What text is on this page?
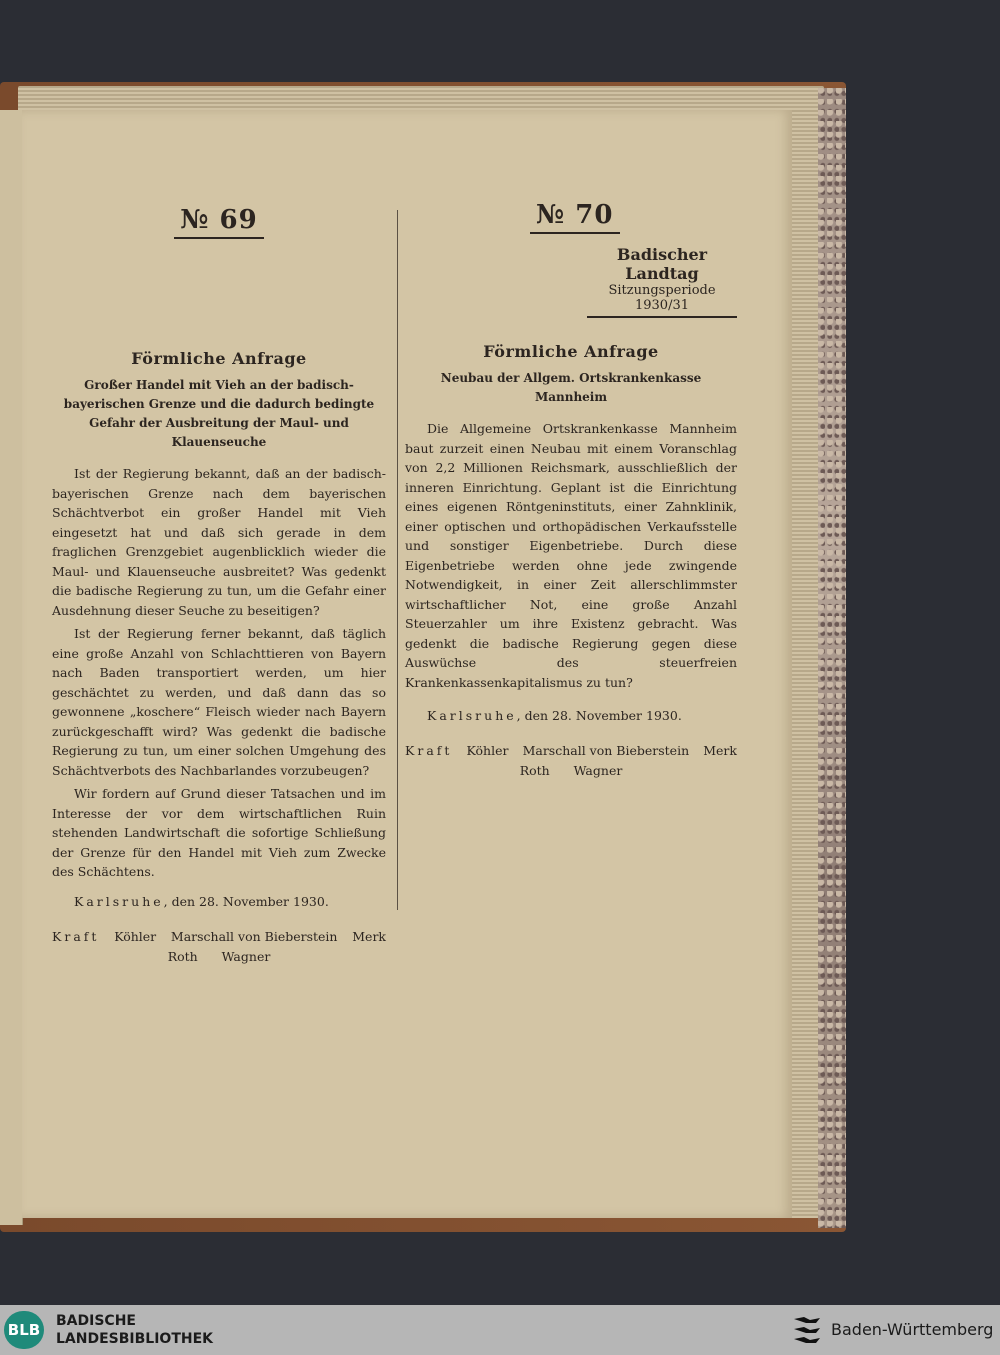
№ 69
Förmliche Anfrage
Großer Handel mit Vieh an der badisch-bayerischen Grenze und die dadurch bedingte Gefahr der Ausbreitung der Maul- und Klauenseuche

Ist der Regierung bekannt, daß an der badisch-bayerischen Grenze nach dem bayerischen Schächtverbot ein großer Handel mit Vieh eingesetzt hat und daß sich gerade in dem fraglichen Grenzgebiet augenblicklich wieder die Maul- und Klauenseuche ausbreitet? Was gedenkt die badische Regierung zu tun, um die Gefahr einer Ausdehnung dieser Seuche zu beseitigen?

Ist der Regierung ferner bekannt, daß täglich eine große Anzahl von Schlachttieren von Bayern nach Baden transportiert werden, um hier geschächtet zu werden, und daß dann das so gewonnene „koschere“ Fleisch wieder nach Bayern zurückgeschafft wird? Was gedenkt die badische Regierung zu tun, um einer solchen Umgehung des Schächtverbots des Nachbarlandes vorzubeugen?

Wir fordern auf Grund dieser Tatsachen und im Interesse der vor dem wirtschaftlichen Ruin stehenden Landwirtschaft die sofortige Schließung der Grenze für den Handel mit Vieh zum Zwecke des Schächtens.

Karlsruhe, den 28. November 1930.
Kraft Köhler Marschall von Bieberstein Merk
Roth Wagner
№ 70
Badischer Landtag
Sitzungsperiode
1930/31
Förmliche Anfrage
Neubau der Allgem. Ortskrankenkasse Mannheim

Die Allgemeine Ortskrankenkasse Mannheim baut zurzeit einen Neubau mit einem Voranschlag von 2,2 Millionen Reichsmark, ausschließlich der inneren Einrichtung. Geplant ist die Einrichtung eines eigenen Röntgeninstituts, einer Zahnklinik, einer optischen und orthopädischen Verkaufsstelle und sonstiger Eigenbetriebe. Durch diese Eigenbetriebe werden ohne jede zwingende Notwendigkeit, in einer Zeit allerschlimmster wirtschaftlicher Not, eine große Anzahl Steuerzahler um ihre Existenz gebracht. Was gedenkt die badische Regierung gegen diese Auswüchse des steuerfreien Krankenkassenkapitalismus zu tun?

Karlsruhe, den 28. November 1930.
Kraft Köhler Marschall von Bieberstein Merk
Roth Wagner
BLB BADISCHE
LANDESBIBLIOTHEK	Baden-Württemberg
